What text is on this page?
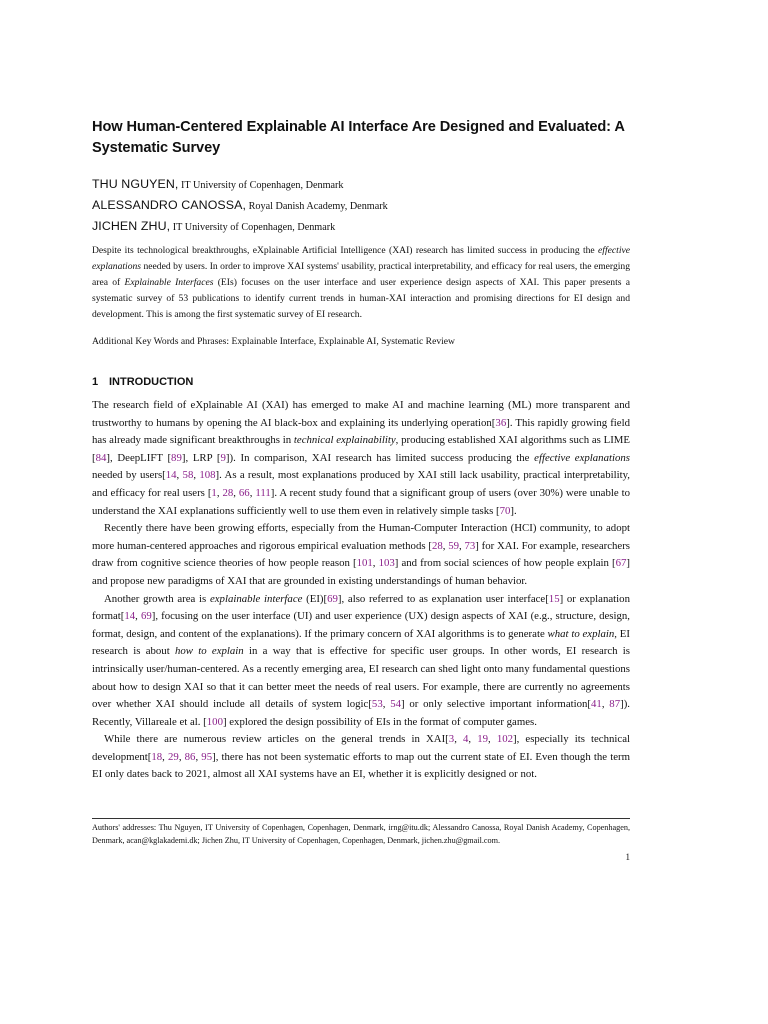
How Human-Centered Explainable AI Interface Are Designed and Evaluated: A Systematic Survey
THU NGUYEN, IT University of Copenhagen, Denmark
ALESSANDRO CANOSSA, Royal Danish Academy, Denmark
JICHEN ZHU, IT University of Copenhagen, Denmark

Despite its technological breakthroughs, eXplainable Artificial Intelligence (XAI) research has limited success in producing the effective explanations needed by users. In order to improve XAI systems' usability, practical interpretability, and efficacy for real users, the emerging area of Explainable Interfaces (EIs) focuses on the user interface and user experience design aspects of XAI. This paper presents a systematic survey of 53 publications to identify current trends in human-XAI interaction and promising directions for EI design and development. This is among the first systematic survey of EI research.

Additional Key Words and Phrases: Explainable Interface, Explainable AI, Systematic Review

1 INTRODUCTION

The research field of eXplainable AI (XAI) has emerged to make AI and machine learning (ML) more transparent and trustworthy to humans by opening the AI black-box and explaining its underlying operation[36]. This rapidly growing field has already made significant breakthroughs in technical explainability, producing established XAI algorithms such as LIME [84], DeepLIFT [89], LRP [9]). In comparison, XAI research has limited success producing the effective explanations needed by users[14, 58, 108]. As a result, most explanations produced by XAI still lack usability, practical interpretability, and efficacy for real users [1, 28, 66, 111]. A recent study found that a significant group of users (over 30%) were unable to understand the XAI explanations sufficiently well to use them even in relatively simple tasks [70].

Recently there have been growing efforts, especially from the Human-Computer Interaction (HCI) community, to adopt more human-centered approaches and rigorous empirical evaluation methods [28, 59, 73] for XAI. For example, researchers draw from cognitive science theories of how people reason [101, 103] and from social sciences of how people explain [67] and propose new paradigms of XAI that are grounded in existing understandings of human behavior.

Another growth area is explainable interface (EI)[69], also referred to as explanation user interface[15] or explanation format[14, 69], focusing on the user interface (UI) and user experience (UX) design aspects of XAI (e.g., structure, design, format, design, and content of the explanations). If the primary concern of XAI algorithms is to generate what to explain, EI research is about how to explain in a way that is effective for specific user groups. In other words, EI research is intrinsically user/human-centered. As a recently emerging area, EI research can shed light onto many fundamental questions about how to design XAI so that it can better meet the needs of real users. For example, there are currently no agreements over whether XAI should include all details of system logic[53, 54] or only selective important information[41, 87]). Recently, Villareale et al. [100] explored the design possibility of EIs in the format of computer games.

While there are numerous review articles on the general trends in XAI[3, 4, 19, 102], especially its technical development[18, 29, 86, 95], there has not been systematic efforts to map out the current state of EI. Even though the term EI only dates back to 2021, almost all XAI systems have an EI, whether it is explicitly designed or not.

Authors' addresses: Thu Nguyen, IT University of Copenhagen, Copenhagen, Denmark, irng@itu.dk; Alessandro Canossa, Royal Danish Academy, Copenhagen, Denmark, acan@kglakademi.dk; Jichen Zhu, IT University of Copenhagen, Copenhagen, Denmark, jichen.zhu@gmail.com.

1
